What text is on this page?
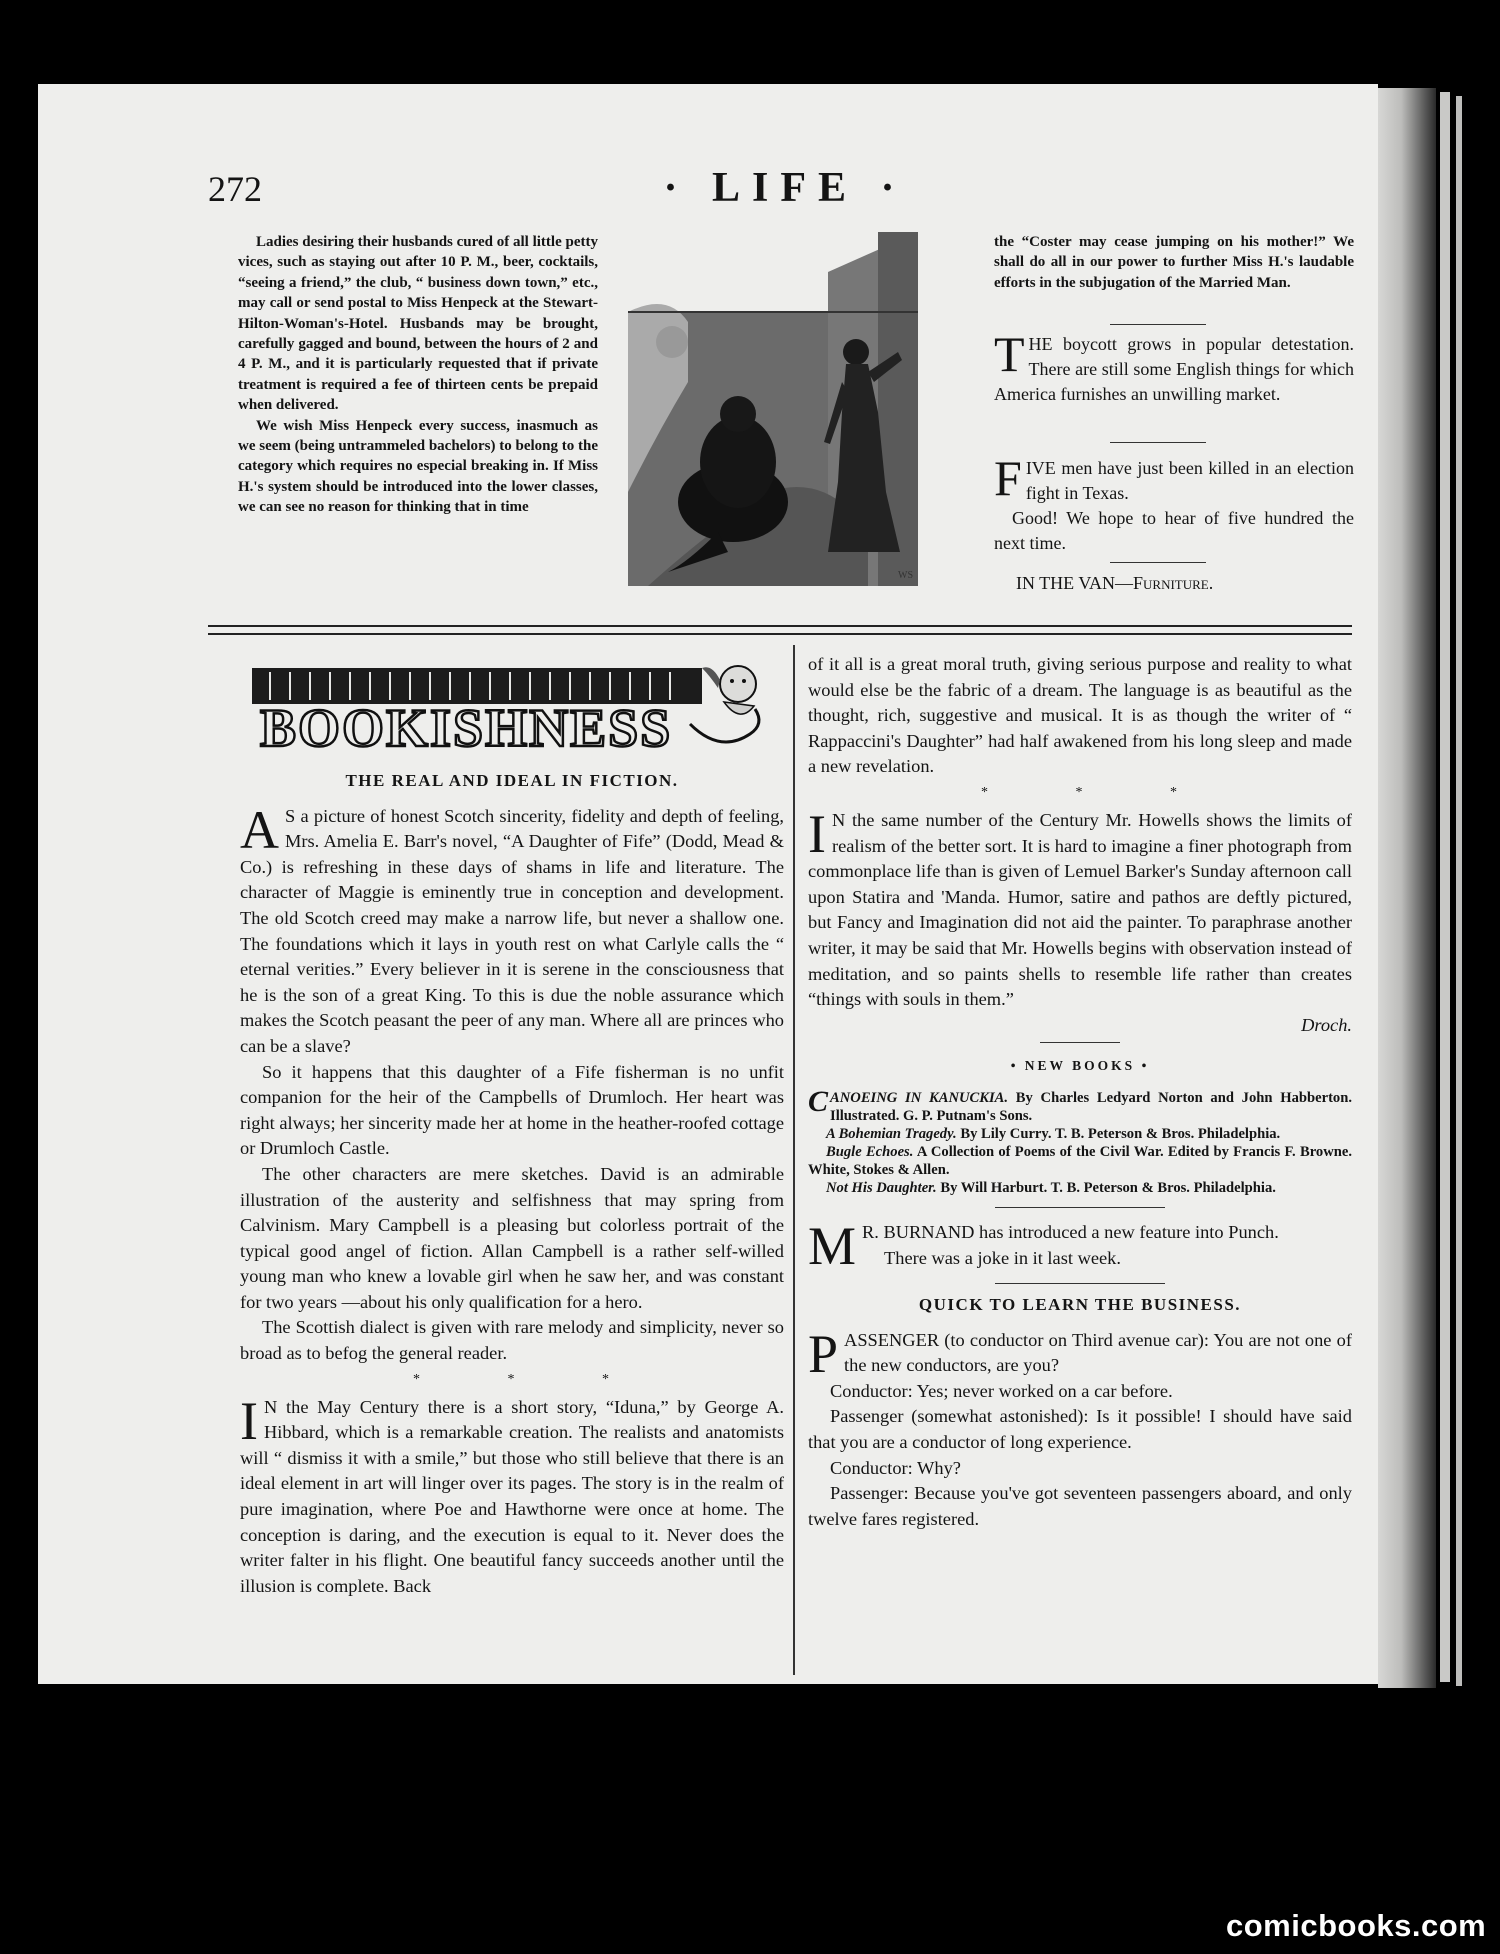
272	· LIFE ·

Ladies desiring their husbands cured of all little petty vices, such as staying out after 10 P. M., beer, cocktails, “seeing a friend,” the club, “ business down town,” etc., may call or send postal to Miss Henpeck at the Stewart-Hilton-Woman's-Hotel. Husbands may be brought, carefully gagged and bound, between the hours of 2 and 4 P. M., and it is particularly requested that if private treatment is required a fee of thirteen cents be prepaid when delivered.

We wish Miss Henpeck every success, inasmuch as we seem (being untrammeled bachelors) to belong to the category which requires no especial breaking in. If Miss H.'s system should be introduced into the lower classes, we can see no reason for thinking that in time

WS

the “Coster may cease jumping on his mother!” We shall do all in our power to further Miss H.'s laudable efforts in the subjugation of the Married Man.

THE boycott grows in popular detestation. There are still some English things for which America furnishes an unwilling market.

FIVE men have just been killed in an election fight in Texas.

Good! We hope to hear of five hundred the next time.

IN THE VAN—Furniture.
BOOKISHNESS
THE REAL AND IDEAL IN FICTION.

A S a picture of honest Scotch sincerity, fidelity and depth of feeling, Mrs. Amelia E. Barr's novel, “A Daughter of Fife” (Dodd, Mead & Co.) is refreshing in these days of shams in life and literature. The character of Maggie is eminently true in conception and development. The old Scotch creed may make a narrow life, but never a shallow one. The foundations which it lays in youth rest on what Carlyle calls the “ eternal verities.” Every believer in it is serene in the consciousness that he is the son of a great King. To this is due the noble assurance which makes the Scotch peasant the peer of any man. Where all are princes who can be a slave?

So it happens that this daughter of a Fife fisherman is no unfit companion for the heir of the Campbells of Drumloch. Her heart was right always; her sincerity made her at home in the heather-roofed cottage or Drumloch Castle.

The other characters are mere sketches. David is an admirable illustration of the austerity and selfishness that may spring from Calvinism. Mary Campbell is a pleasing but colorless portrait of the typical good angel of fiction. Allan Campbell is a rather self-willed young man who knew a lovable girl when he saw her, and was constant for two years —about his only qualification for a hero.

The Scottish dialect is given with rare melody and simplicity, never so broad as to befog the general reader.

* * *

I N the May Century there is a short story, “Iduna,” by George A. Hibbard, which is a remarkable creation. The realists and anatomists will “ dismiss it with a smile,” but those who still believe that there is an ideal element in art will linger over its pages. The story is in the realm of pure imagination, where Poe and Hawthorne were once at home. The conception is daring, and the execution is equal to it. Never does the writer falter in his flight. One beautiful fancy succeeds another until the illusion is complete. Back

of it all is a great moral truth, giving serious purpose and reality to what would else be the fabric of a dream. The language is as beautiful as the thought, rich, suggestive and musical. It is as though the writer of “ Rappaccini's Daughter” had half awakened from his long sleep and made a new revelation.

* * *

I N the same number of the Century Mr. Howells shows the limits of realism of the better sort. It is hard to imagine a finer photograph from commonplace life than is given of Lemuel Barker's Sunday afternoon call upon Statira and 'Manda. Humor, satire and pathos are deftly pictured, but Fancy and Imagination did not aid the painter. To paraphrase another writer, it may be said that Mr. Howells begins with observation instead of meditation, and so paints shells to resemble life rather than creates “things with souls in them.”

Droch.

• NEW BOOKS •

CANOEING IN KANUCKIA. By Charles Ledyard Norton and John Habberton. Illustrated. G. P. Putnam's Sons.

A Bohemian Tragedy. By Lily Curry. T. B. Peterson & Bros. Philadelphia.

Bugle Echoes. A Collection of Poems of the Civil War. Edited by Francis F. Browne. White, Stokes & Allen.

Not His Daughter. By Will Harburt. T. B. Peterson & Bros. Philadelphia.

M R. BURNAND has introduced a new feature into Punch.

There was a joke in it last week.

QUICK TO LEARN THE BUSINESS.

PASSENGER (to conductor on Third avenue car): You are not one of the new conductors, are you?

Conductor: Yes; never worked on a car before.

Passenger (somewhat astonished): Is it possible! I should have said that you are a conductor of long experience.

Conductor: Why?

Passenger: Because you've got seventeen passengers aboard, and only twelve fares registered.

comicbooks.com
